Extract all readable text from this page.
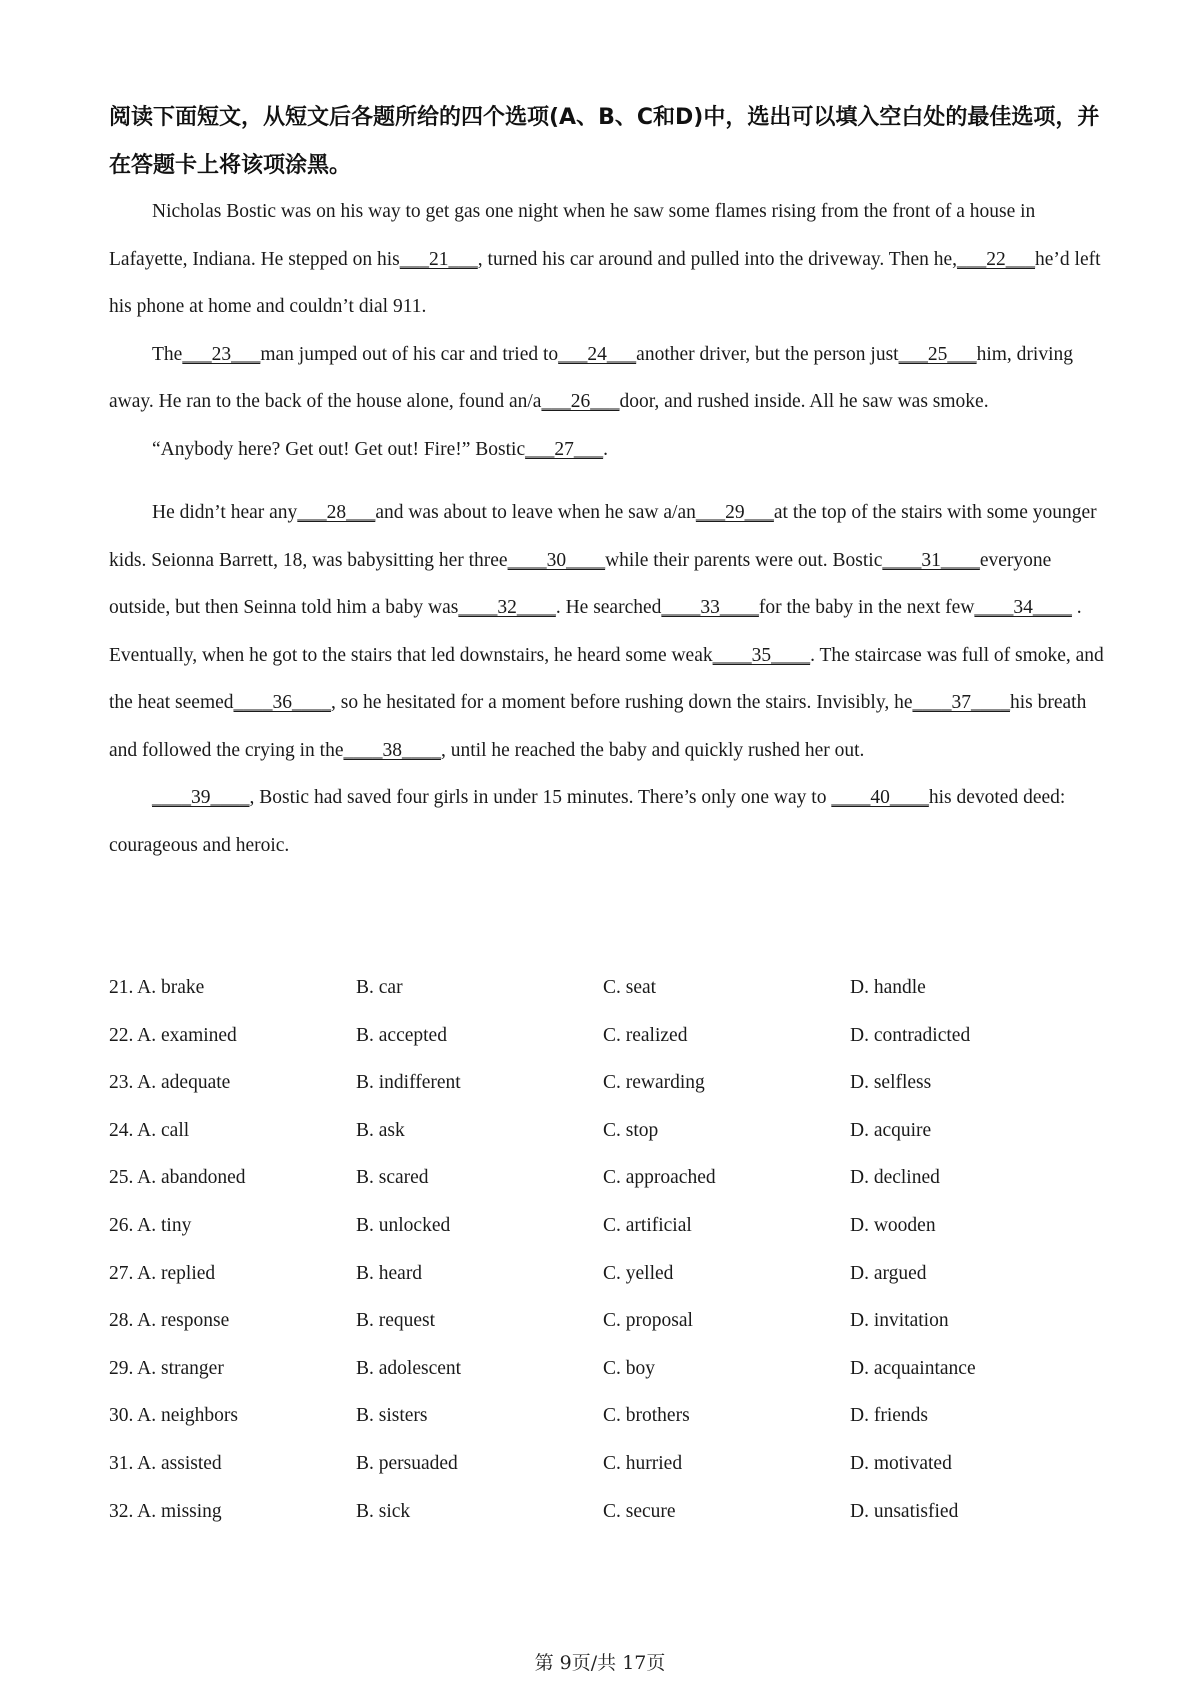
阅读下面短文，从短文后各题所给的四个选项(A、B、C和D)中，选出可以填入空白处的最佳选项，并在答题卡上将该项涂黑。

Nicholas Bostic was on his way to get gas one night when he saw some flames rising from the front of a house in Lafayette, Indiana. He stepped on his___21___, turned his car around and pulled into the driveway. Then he,___22___he’d left his phone at home and couldn’t dial 911.

The___23___man jumped out of his car and tried to___24___another driver, but the person just___25___him, driving away. He ran to the back of the house alone, found an/a___26___door, and rushed inside. All he saw was smoke.

“Anybody here? Get out! Get out! Fire!” Bostic___27___.

He didn’t hear any___28___and was about to leave when he saw a/an___29___at the top of the stairs with some younger kids. Seionna Barrett, 18, was babysitting her three____30____while their parents were out. Bostic____31____everyone outside, but then Seinna told him a baby was____32____. He searched____33____for the baby in the next few____34____ . Eventually, when he got to the stairs that led downstairs, he heard some weak____35____. The staircase was full of smoke, and the heat seemed____36____, so he hesitated for a moment before rushing down the stairs. Invisibly, he____37____his breath and followed the crying in the____38____, until he reached the baby and quickly rushed her out.

____39____, Bostic had saved four girls in under 15 minutes. There’s only one way to ____40____his devoted deed: courageous and heroic.

21. A. brake	B. car	C. seat	D. handle
22. A. examined	B. accepted	C. realized	D. contradicted
23. A. adequate	B. indifferent	C. rewarding	D. selfless
24. A. call	B. ask	C. stop	D. acquire
25. A. abandoned	B. scared	C. approached	D. declined
26. A. tiny	B. unlocked	C. artificial	D. wooden
27. A. replied	B. heard	C. yelled	D. argued
28. A. response	B. request	C. proposal	D. invitation
29. A. stranger	B. adolescent	C. boy	D. acquaintance
30. A. neighbors	B. sisters	C. brothers	D. friends
31. A. assisted	B. persuaded	C. hurried	D. motivated
32. A. missing	B. sick	C. secure	D. unsatisfied
第 9页/共 17页
